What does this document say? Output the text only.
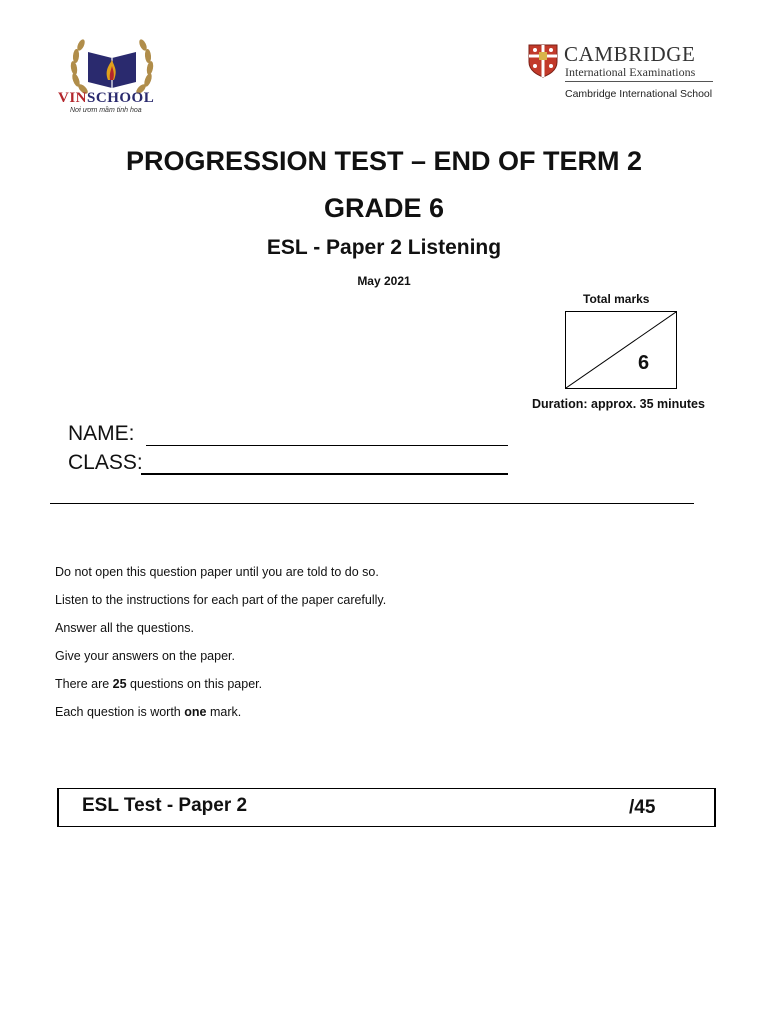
VINSCHOOL
Nơi ươm mầm tinh hoa
CAMBRIDGE
International Examinations
Cambridge International School
PROGRESSION TEST – END OF TERM 2
GRADE 6
ESL - Paper 2 Listening
May 2021
Total marks
6
Duration: approx. 35 minutes
NAME:
CLASS:
Do not open this question paper until you are told to do so.
Listen to the instructions for each part of the paper carefully.
Answer all the questions.
Give your answers on the paper.
There are 25 questions on this paper.
Each question is worth one mark.
ESL Test - Paper 2	/45
